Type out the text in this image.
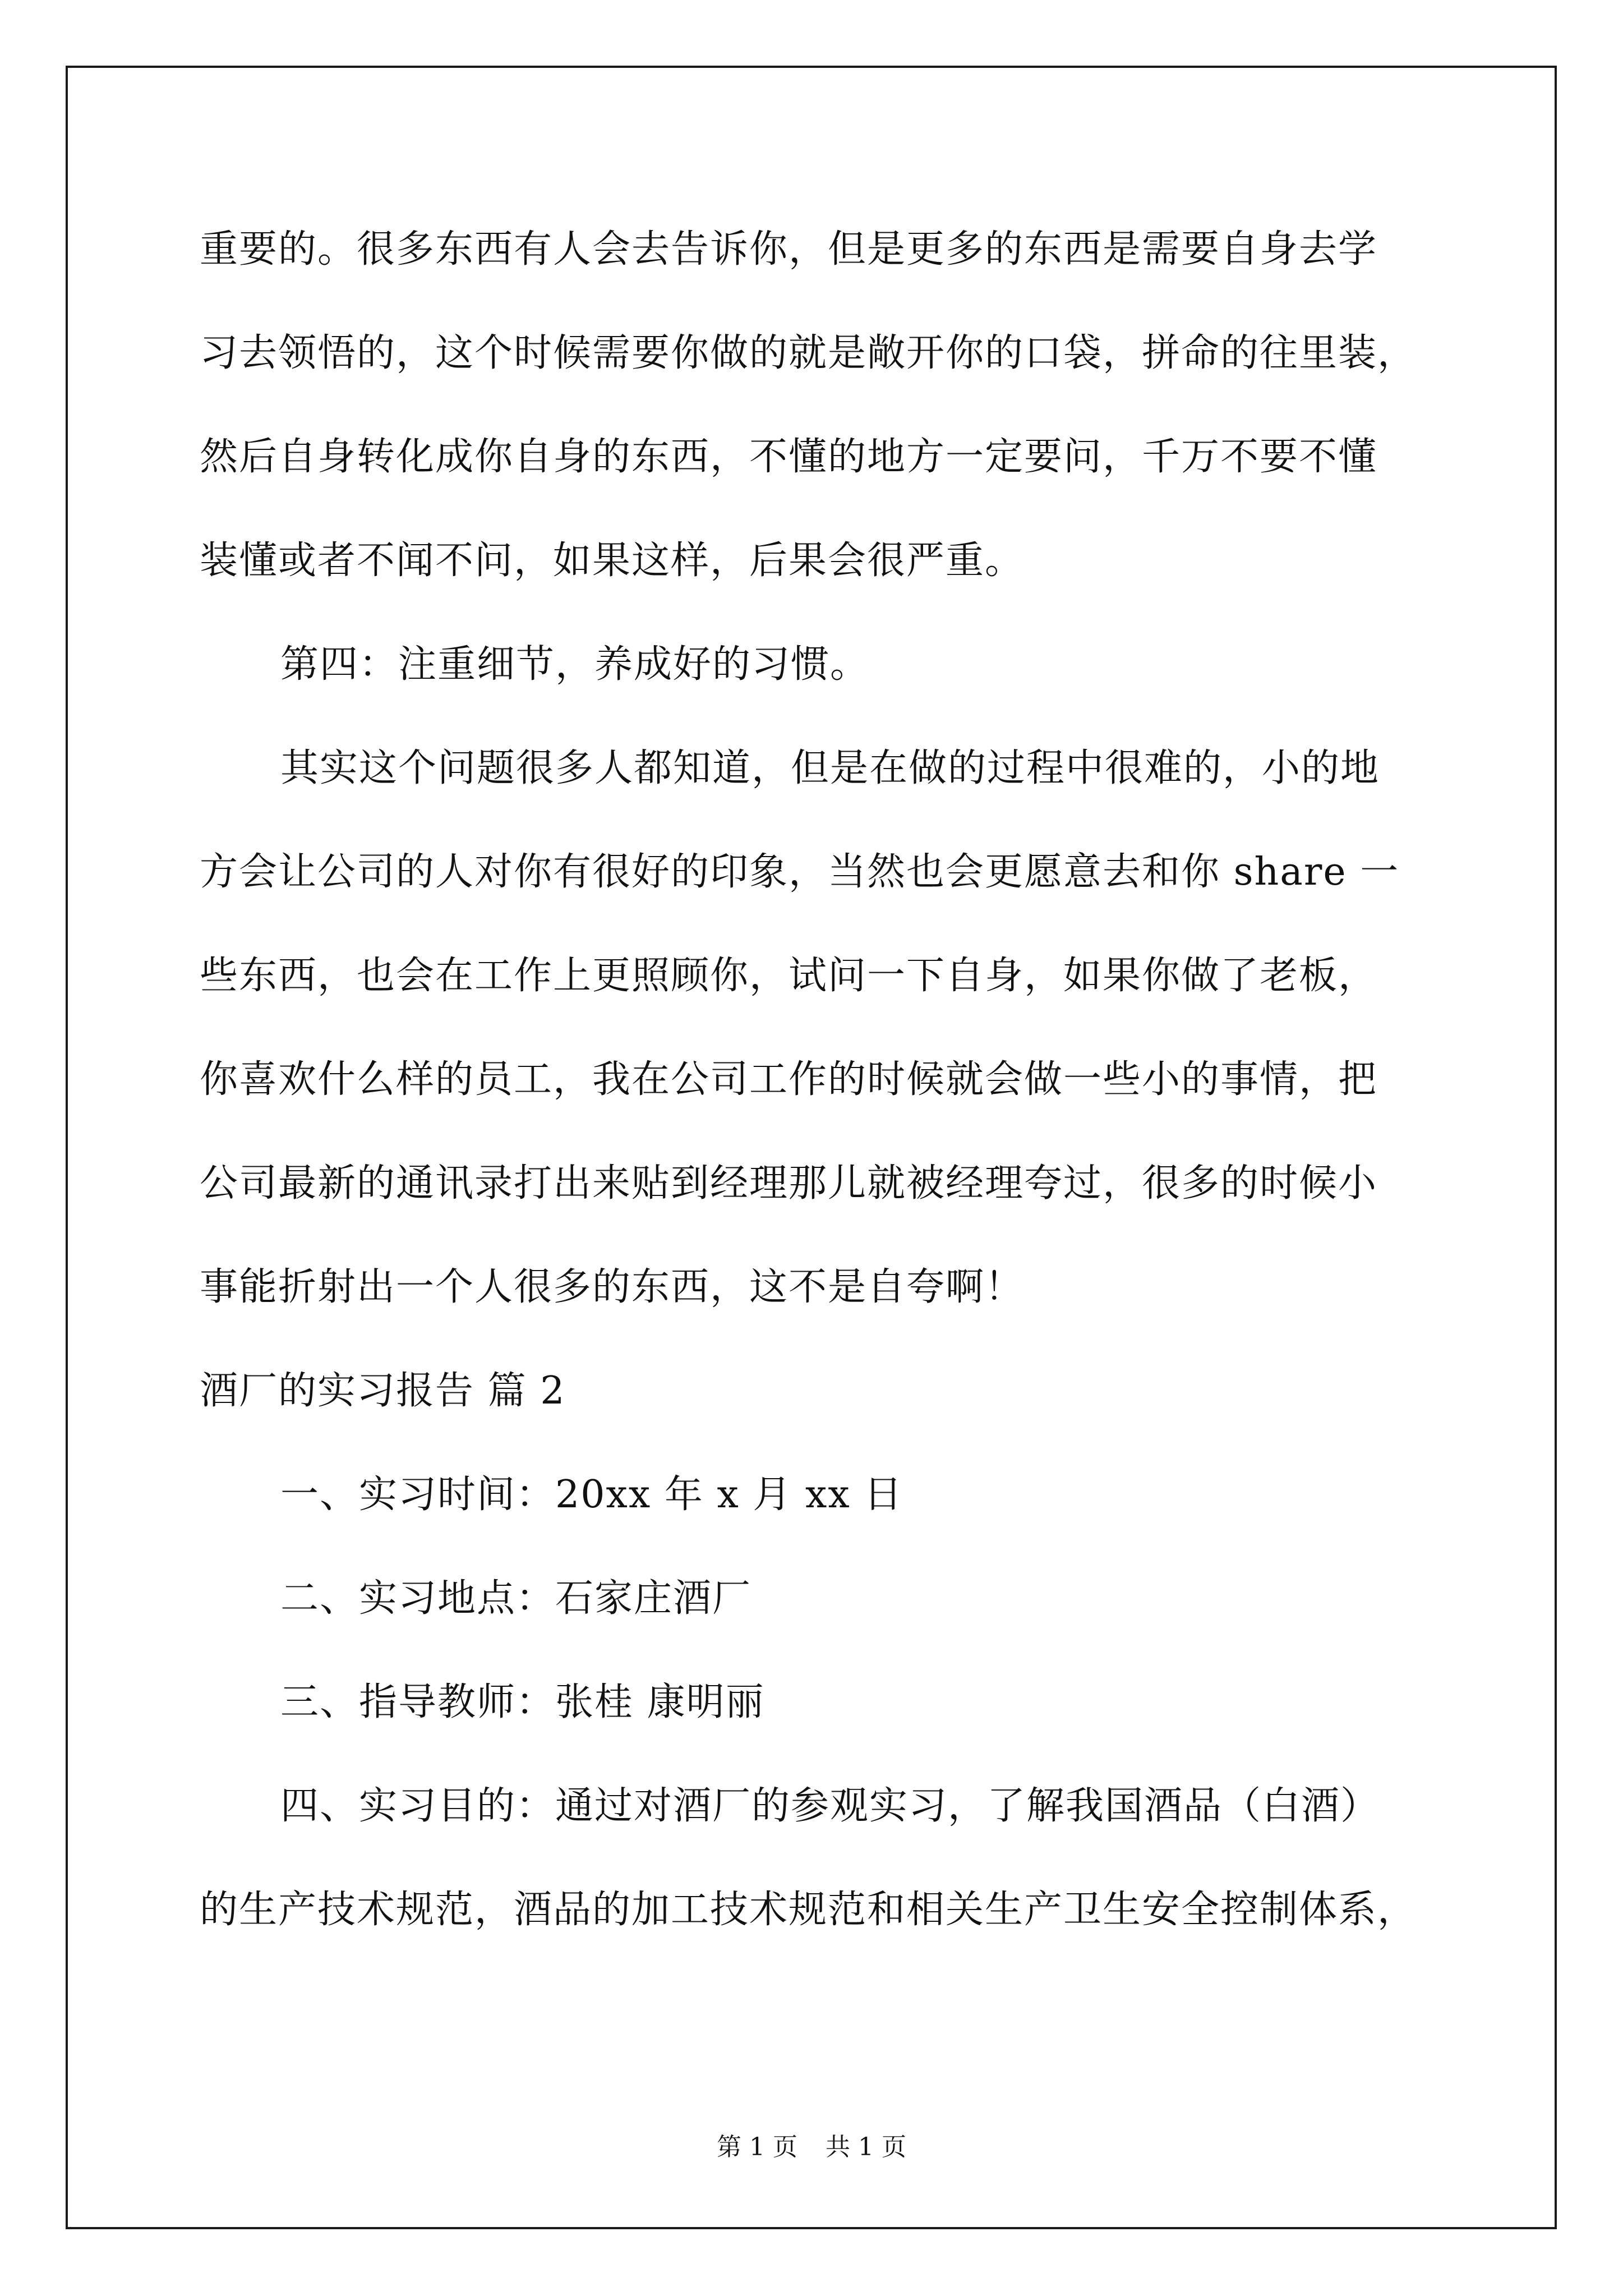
重要的。很多东西有人会去告诉你，但是更多的东西是需要自身去学
习去领悟的，这个时候需要你做的就是敞开你的口袋，拼命的往里装，
然后自身转化成你自身的东西，不懂的地方一定要问，千万不要不懂
装懂或者不闻不问，如果这样，后果会很严重。
第四：注重细节，养成好的习惯。
其实这个问题很多人都知道，但是在做的过程中很难的，小的地
方会让公司的人对你有很好的印象，当然也会更愿意去和你 share 一
些东西，也会在工作上更照顾你，试问一下自身，如果你做了老板，
你喜欢什么样的员工，我在公司工作的时候就会做一些小的事情，把
公司最新的通讯录打出来贴到经理那儿就被经理夸过，很多的时候小
事能折射出一个人很多的东西，这不是自夸啊！
酒厂的实习报告 篇 2
一、实习时间：20xx 年 x 月 xx 日
二、实习地点：石家庄酒厂
三、指导教师：张桂 康明丽
四、实习目的：通过对酒厂的参观实习，了解我国酒品（白酒）
的生产技术规范，酒品的加工技术规范和相关生产卫生安全控制体系，
第 1 页 共 1 页
